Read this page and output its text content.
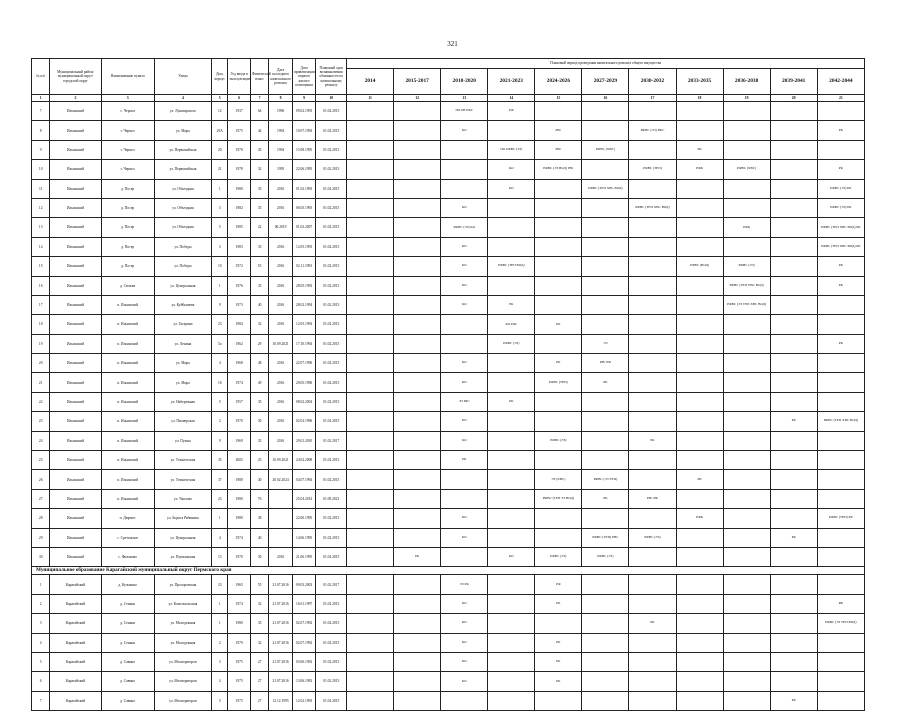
321
№ п/п	Муниципальный район/муниципальный округ/городской округ	Наименование пункта	Улица	Дом, корпус	Год ввода в эксплуатацию	Физический износ	Дата последнего капитального ремонта	Дата приватизации первого жилого помещения	Плановый срок возникновения обязанности по капитальному ремонту	Плановый период проведения капитального ремонта общего имущества										
										2014	2015-2017	2018-2020	2021-2023	2024-2026	2027-2029	2030-2032	2033-2035	2036-2038	2039-2041	2042-2044
1	2	3	4	5	6	7	8	9	10	11	12	13	14	15	16	17	18	19	20	21
7	Ильинский	с. Чермоз	ул. Луначарского	12	1937	64	1996	09.02.1993	01.02.2015			ПО РВ РФС	РФ							
8	Ильинский	г. Чермоз	ул. Мира	29А	1975	44	1994	10.07.1994	01.02.2015			КО		РВс		РФВС (ЭЗ) РФС				РК
9	Ильинский	г. Чермоз	ул. Первомайская	20	1970	45	1994	15.08.1995	01.02.2015				ПО РФВС (ЭЗ)	РВс	РФВС (ХВС)		РК			
10	Ильинский	г. Чермоз	ул. Первомайская	21	1978	32	1995	22.06.1995	01.02.2015				КО	РФВС (ЭЗ ВОД) РВс		РФВС (ТЕП)	РФК	РФВС (ХВС)		РК
11	Ильинский	д. Посер	ул. Объездная	1	1980	35	2016	01.02.1993	01.02.2015				КО		РФВС (ТЕП ХВС ВОД)					РФВС (ЭЗ) РК
12	Ильинский	д. Посер	ул. Объездная	3	1982	35	2016	06.05.1993	01.02.2015			КО				РФВС (ТЕП ХВС ВОД)				РФВС (ЭЗ) РК
13	Ильинский	д. Посер	ул. Объездная	5	1985	22	06.2019	01.02.2007	01.02.2015			РФВС (ЭЗ) КО						РФК		РФВС (ТЕП ХВС ВОД) РК
14	Ильинский	д. Посер	ул. Победы	3	1983	33	2016	12.05.1993	01.02.2015			КО								РФВС (ТЕП ХВС ВОД) РК
15	Ильинский	д. Посер	ул. Победы	10	1972	53	2016	02.11.1993	01.02.2015			КО	РФВС (ТЕП ВОД)				РФВС (ВОД)	РФВС (ЭЗ)		РК
16	Ильинский	д. Сюзьва	ул. Центральная	1	1976	35	2016	28.05.1993	01.02.2015			КО						РФВС (ТЕП ХВС ВОД)		РК
17	Ильинский	п. Ильинский	ул. Куйбышева	9	1973	40	2016	28.02.1994	01.02.2015			КО	РК					РФВС (ЭЗ ТЕП ХВС ВОД)		
18	Ильинский	п. Ильинский	ул. Гагарина	23	1984	32	2016	12.05.1994	01.02.2015				КО РФс	РК						
19	Ильинский	п. Ильинский	ул. Ленина	5а	1962	29	10.09.2021	17.10.1994	01.02.2015				РФВС (ЭЗ)		ЭЗ					РК
20	Ильинский	п. Ильинский	ул. Мира	4	1968	48	2016	22.07.1996	01.02.2015			КО		РК	РВс РФ					
21	Ильинский	п. Ильинский	ул. Мира	16	1974	49	2016	20.05.1996	01.02.2015			КО		РФВС (ТЕП)	РК					
22	Ильинский	п. Ильинский	ул. Набережная	5	1957	35	2016	08.02.2004	01.02.2015			ЭЗ РФс	РК							
23	Ильинский	п. Ильинский	ул. Пионерская	2	1970	30	2016	02.02.1996	01.02.2015			КО							РК	РФВС (ТЕП ХВС ВОД)
24	Ильинский	п. Ильинский	ул. Пушка	9	1969	35	2016	29.01.2010	01.02.2017			КО		РФВС (ЭЗ)		РК				
25	Ильинский	п. Ильинский	ул. Техническая	35	2005	25	10.09.2021	24.02.2008	01.02.2015			РК								
26	Ильинский	п. Ильинский	ул. Техническая	37	1980	40	20.02.2024	04.07.1994	01.02.2015					ЭЗ (ХВС)	РФВС (ЭЗ ТЕП)		РК			
27	Ильинский	п. Ильинский	ул. Чкалова	23	1980	76		25.04.2014	01.09.2021					РФВС (ТЕП ЭЗ ВОД)	РК	РВс РФ				
28	Ильинский	п. Дюрмес	ул. Бориса Рябинина	1	1980	38		22.06.1995	01.02.2015			КО					РФК			РФВС (ТЕП) РК
29	Ильинский	с. Сретенское	ул. Центральная	4	1974	40		14.06.1995	01.02.2015			КО			РФВС (ТЕП) РВС	РФВС (ЭЗ)			РК	
30	Ильинский	с. Филаново	ул. Пушкинская	13	1970	30	2016	21.06.1995	01.02.2015		РК		КО	РФВС (ЭЗ)	РФВС (ЭЗ)					
Муниципальное образование Карагайский муниципальный округ Пермского края																				
1	Карагайский	д. Кузьмино	ул. Прохоровская	23	1965	55	21.07.2016	09.03.2003	01.02.2017			ЭЗ РК		РФ						
2	Карагайский	д. Сеньки	ул. Комсомольская	1	1974	32	21.07.2016	16.01.1997	01.02.2015			КО		РК						РФ
3	Карагайский	д. Сеньки	ул. Молодежная	1	1980	35	21.07.2016	02.07.1992	01.02.2015			КО				РК				РФВС (ЭЗ ТЕП ВОД)
4	Карагайский	д. Сеньки	ул. Молодежная	2	1979	32	21.07.2016	02.07.1992	01.02.2015			КО		РК						
5	Карагайский	д. Савино	ул. Мелиораторов	3	1975	27	21.07.2016	03.06.1992	01.02.2015			КО		РК						
6	Карагайский	д. Савино	ул. Мелиораторов	4	1975	27	21.07.2016	13.06.1992	01.02.2015			КО		РК						
7	Карагайский	д. Савино	ул. Мелиораторов	5	1975	27	12.12.1995	12.02.1993	01.02.2015										РК	
